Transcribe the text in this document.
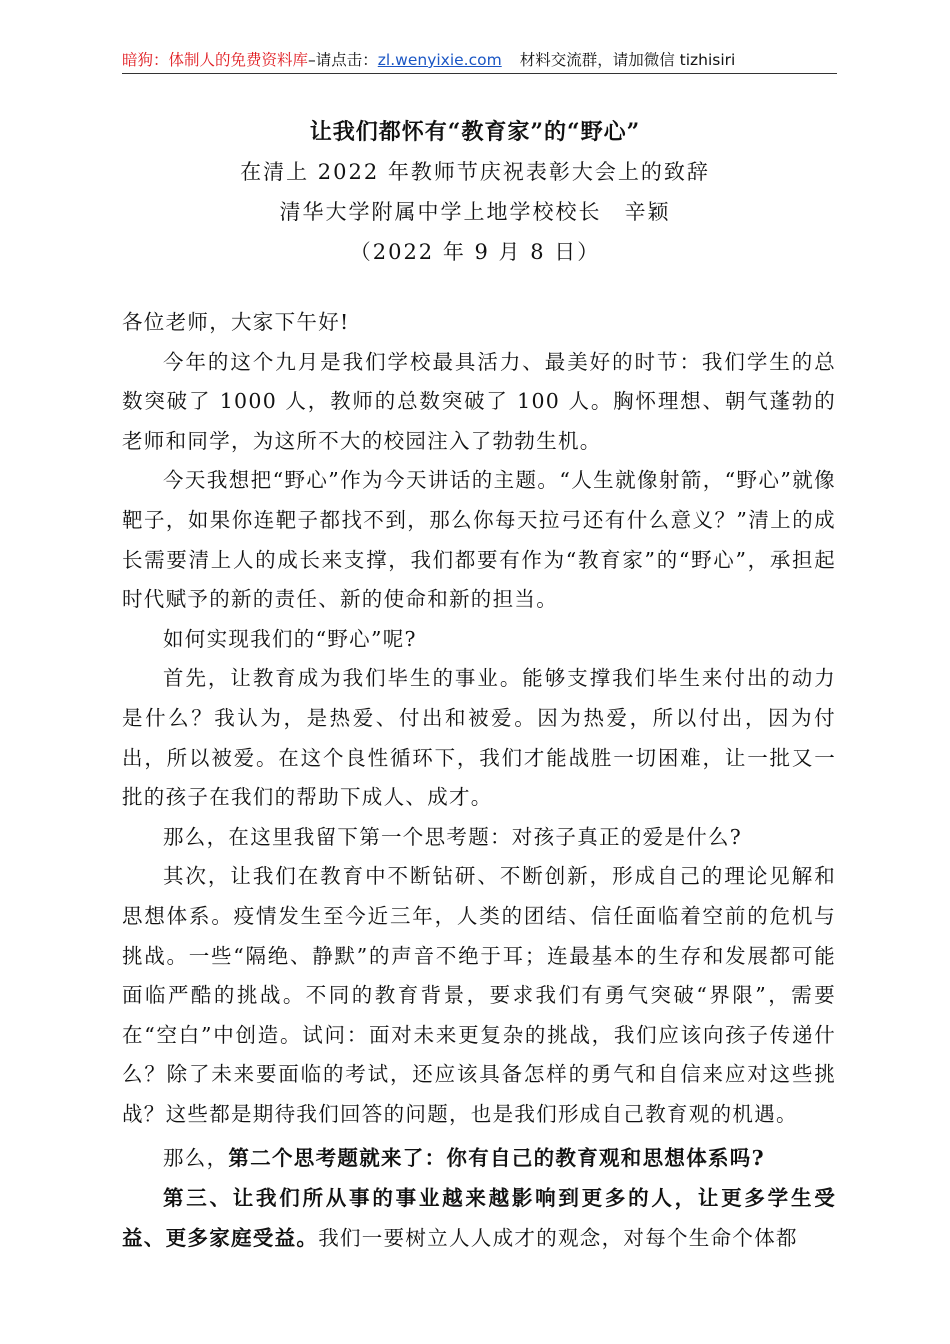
暗狗：体制人的免费资料库–请点击：zl.wenyixie.com 材料交流群，请加微信 tizhisiri
让我们都怀有“教育家”的“野心”
在清上 2022 年教师节庆祝表彰大会上的致辞
清华大学附属中学上地学校校长　辛颖
（2022 年 9 月 8 日）

各位老师，大家下午好!

今年的这个九月是我们学校最具活力、最美好的时节：我们学生的总数突破了 1000 人，教师的总数突破了 100 人。胸怀理想、朝气蓬勃的老师和同学，为这所不大的校园注入了勃勃生机。

今天我想把“野心”作为今天讲话的主题。“人生就像射箭，“野心”就像靶子，如果你连靶子都找不到，那么你每天拉弓还有什么意义？”清上的成长需要清上人的成长来支撑，我们都要有作为“教育家”的“野心”，承担起时代赋予的新的责任、新的使命和新的担当。

如何实现我们的“野心”呢?

首先，让教育成为我们毕生的事业。能够支撑我们毕生来付出的动力是什么？我认为，是热爱、付出和被爱。因为热爱，所以付出，因为付出，所以被爱。在这个良性循环下，我们才能战胜一切困难，让一批又一批的孩子在我们的帮助下成人、成才。

那么，在这里我留下第一个思考题：对孩子真正的爱是什么?

其次，让我们在教育中不断钻研、不断创新，形成自己的理论见解和思想体系。疫情发生至今近三年，人类的团结、信任面临着空前的危机与挑战。一些“隔绝、静默”的声音不绝于耳；连最基本的生存和发展都可能面临严酷的挑战。不同的教育背景，要求我们有勇气突破“界限”，需要在“空白”中创造。试问：面对未来更复杂的挑战，我们应该向孩子传递什么？除了未来要面临的考试，还应该具备怎样的勇气和自信来应对这些挑战？这些都是期待我们回答的问题，也是我们形成自己教育观的机遇。

那么，第二个思考题就来了：你有自己的教育观和思想体系吗?

第三、让我们所从事的事业越来越影响到更多的人，让更多学生受益、更多家庭受益。我们一要树立人人成才的观念，对每个生命个体都
